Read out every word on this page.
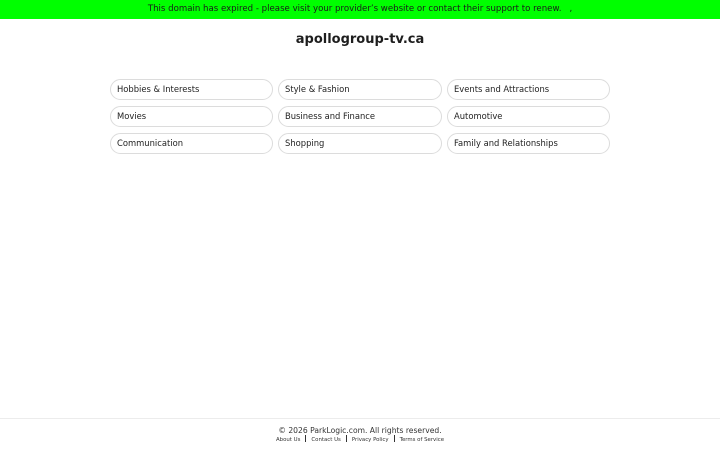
This domain has expired - please visit your provider’s website or contact their support to renew. ,
apollogroup-tv.ca
Hobbies & Interests	Style & Fashion	Events and Attractions
Movies	Business and Finance	Automotive
Communication	Shopping	Family and Relationships
© 2026 ParkLogic.com. All rights reserved.
About Us Contact Us Privacy Policy Terms of Service
